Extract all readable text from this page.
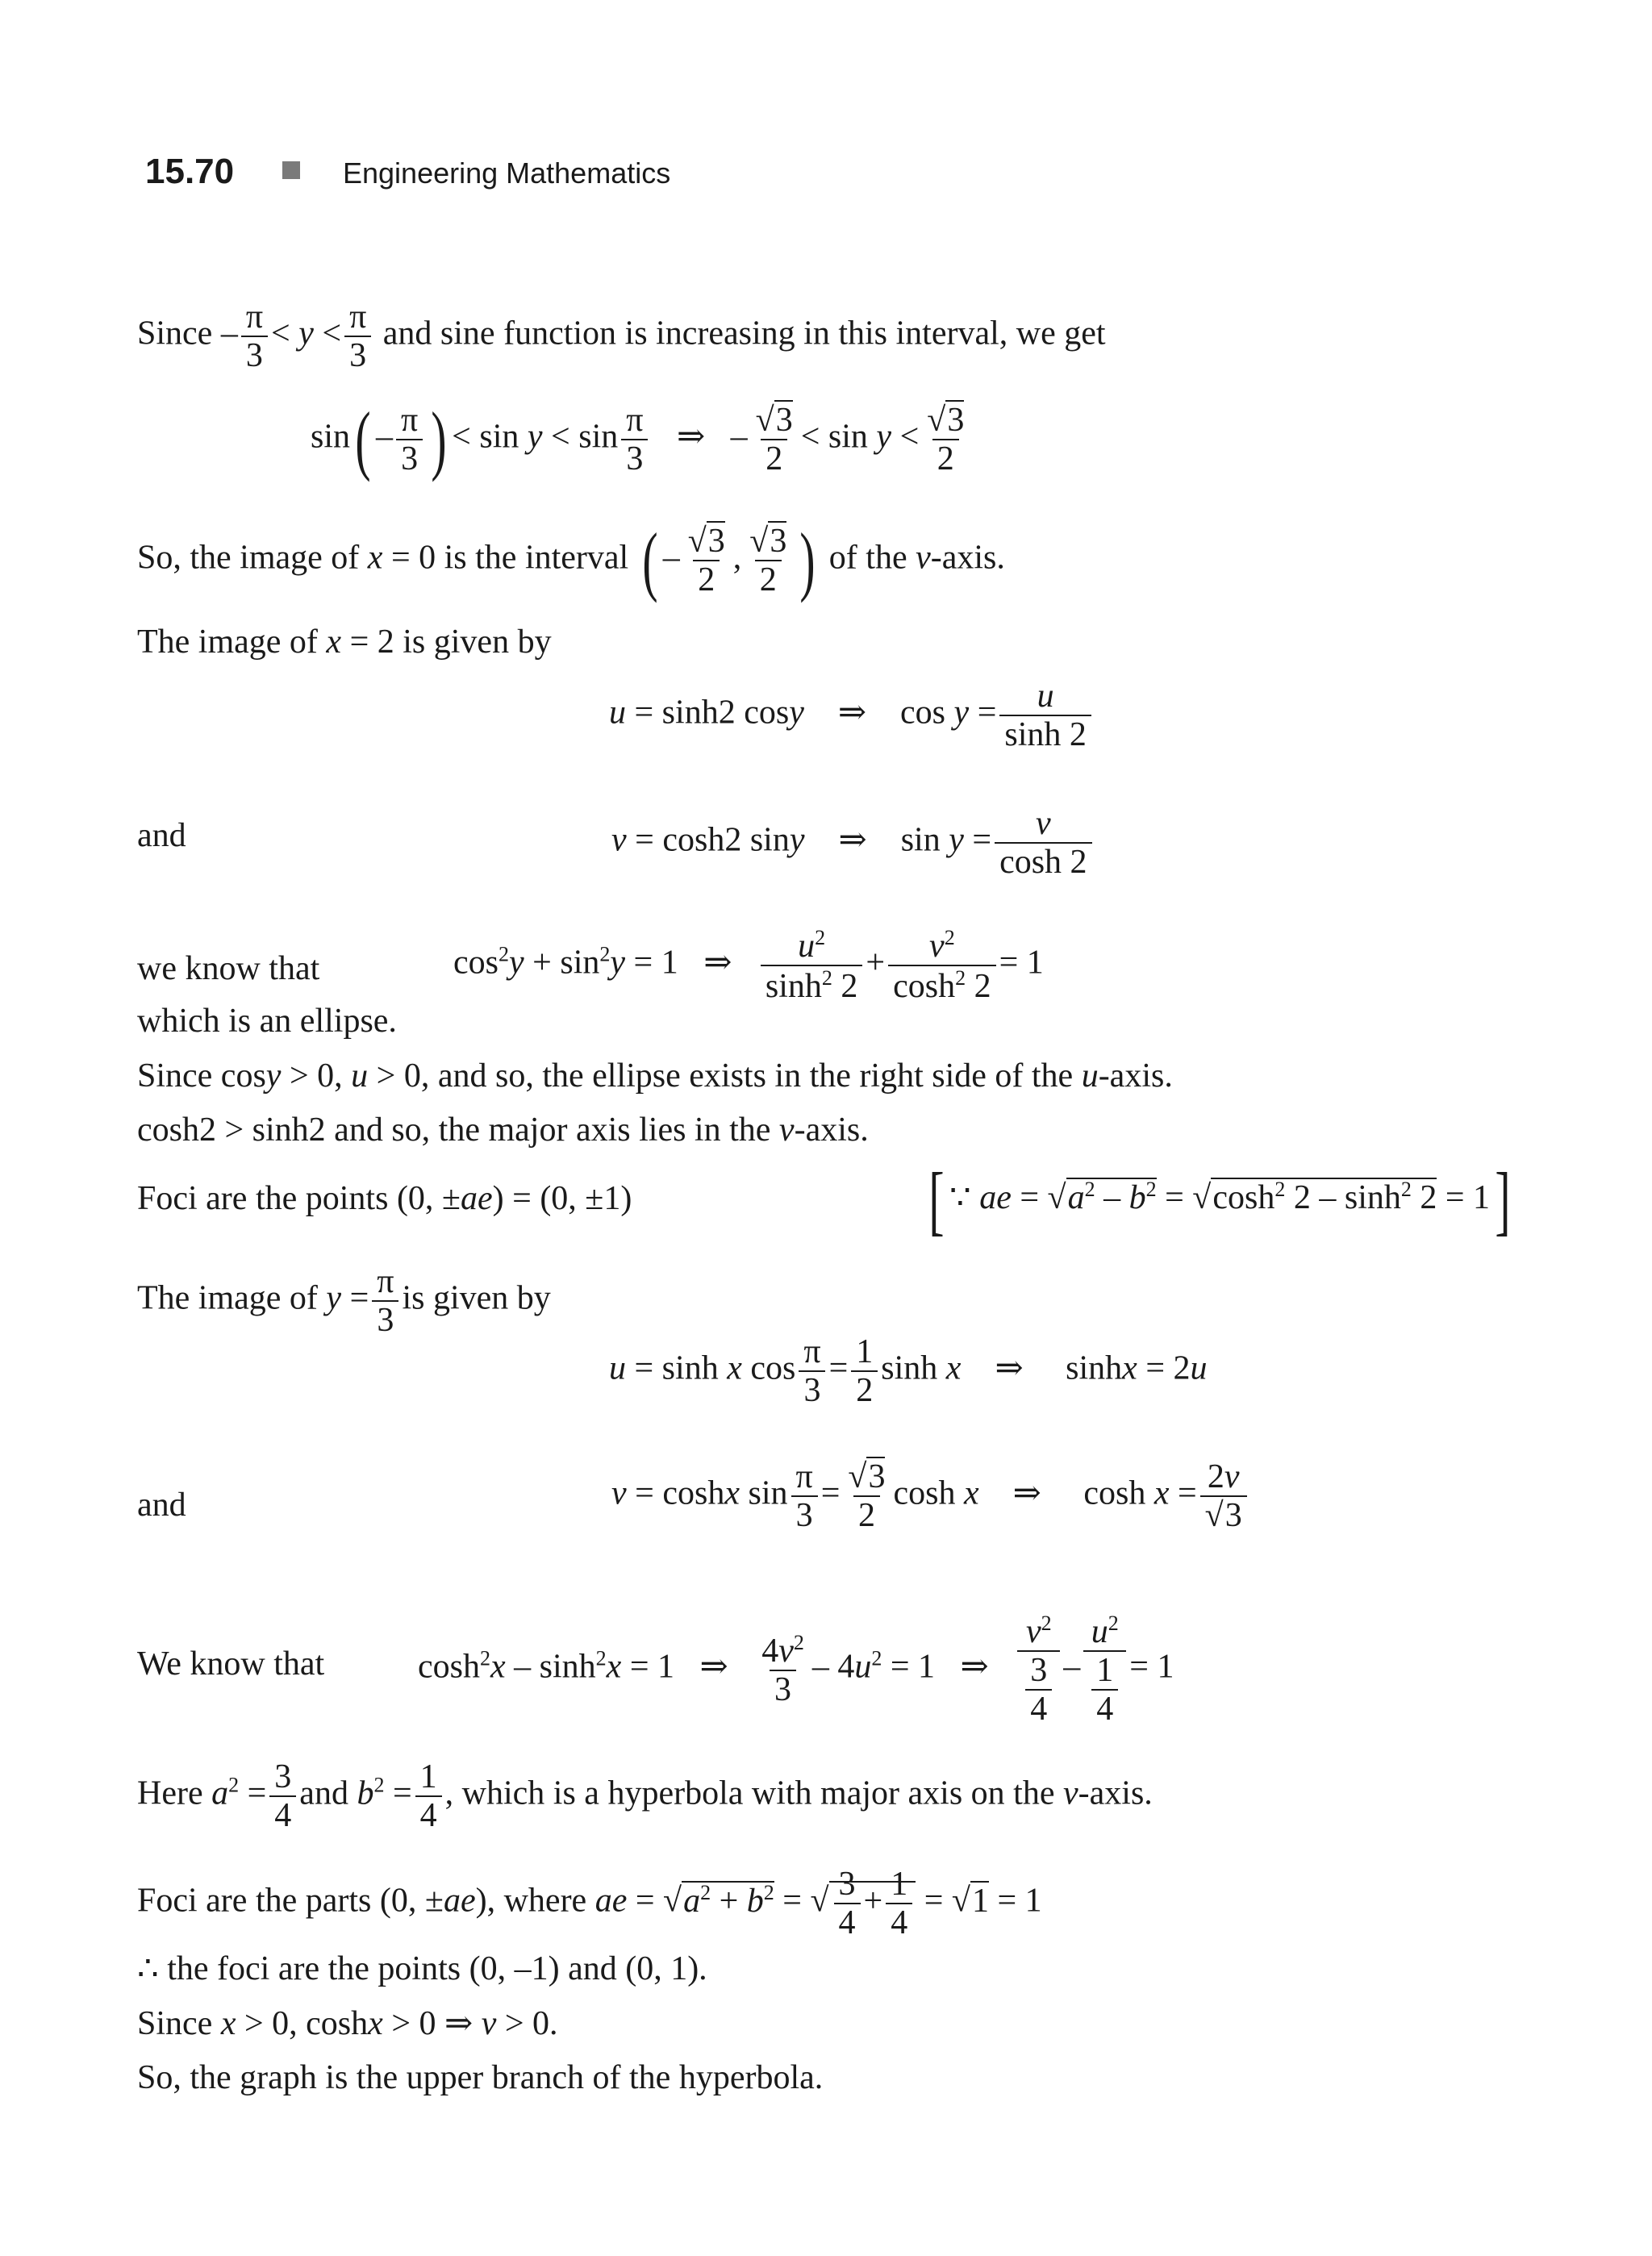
15.70	Engineering Mathematics
Since – $\frac{\pi}{3} < y < \frac{\pi}{3}$ and sine function is increasing in this interval, we get
$\sin( - \frac{\pi}{3}$ ) < $\sin y < \sin \frac{\pi}{3}$ ⇒   – $\frac{√3}{2} < \sin y < \frac{√3}{2}$
So, the image of x = 0 is the interval ( – $\frac{√3}{2}$ , $\frac{√3}{2}$ ) of the v-axis.
The image of x = 2 is given by
u = sinh2 cosy    ⇒    $\cos y = \frac{u}{\sinh 2}$
and	v = cosh2 siny    ⇒    $\sin y = \frac{v}{\cosh 2}$
we know that	$\cos^2y + \sin^2y = 1$   ⇒ $\frac{u^2}{\sinh^2 2} + \frac{v^2}{\cosh^2 2} = 1$
which is an ellipse.
Since cosy > 0, u > 0, and so, the ellipse exists in the right side of the u-axis.
cosh2 > sinh2 and so, the major axis lies in the v-axis.
Foci are the points (0, ±ae) = (0, ±1)	[ ∵ ae = $√a^2 - b^2 = √\cosh^2$ $2 - \sinh^2 2 = 1$]
The image of $y = \frac{\pi}{3}$ is given by
u = sinh x $\cos \frac{\pi}{3} = \frac{1}{2}$ sinh x    ⇒     sinhx = 2u
and	v = coshx $\sin \frac{\pi}{3} = \frac{√3}{2}$ cosh x    ⇒     $\cosh x = \frac{2v}{√3}$
We know that	$\cosh^2x - \sinh^2x = 1$   ⇒ $\frac{4v^2}{3} - 4u^2 = 1$   ⇒ $\frac{v^2}{\frac{3}{4}} - \frac{u^2}{\frac{1}{4}} = 1$
Here $a^2 = \frac{3}{4}$ and $b^2 = \frac{1}{4}$ , which is a hyperbola with major axis on the v-axis.
Foci are the parts (0, ±ae), where ae = $√a^2 + b^2$ = √ $\frac{3}{4} + \frac{1}{4} = √1 = 1$
∴ the foci are the points (0, –1) and (0, 1).
Since x > 0, coshx > 0 ⇒ v > 0.
So, the graph is the upper branch of the hyperbola.
